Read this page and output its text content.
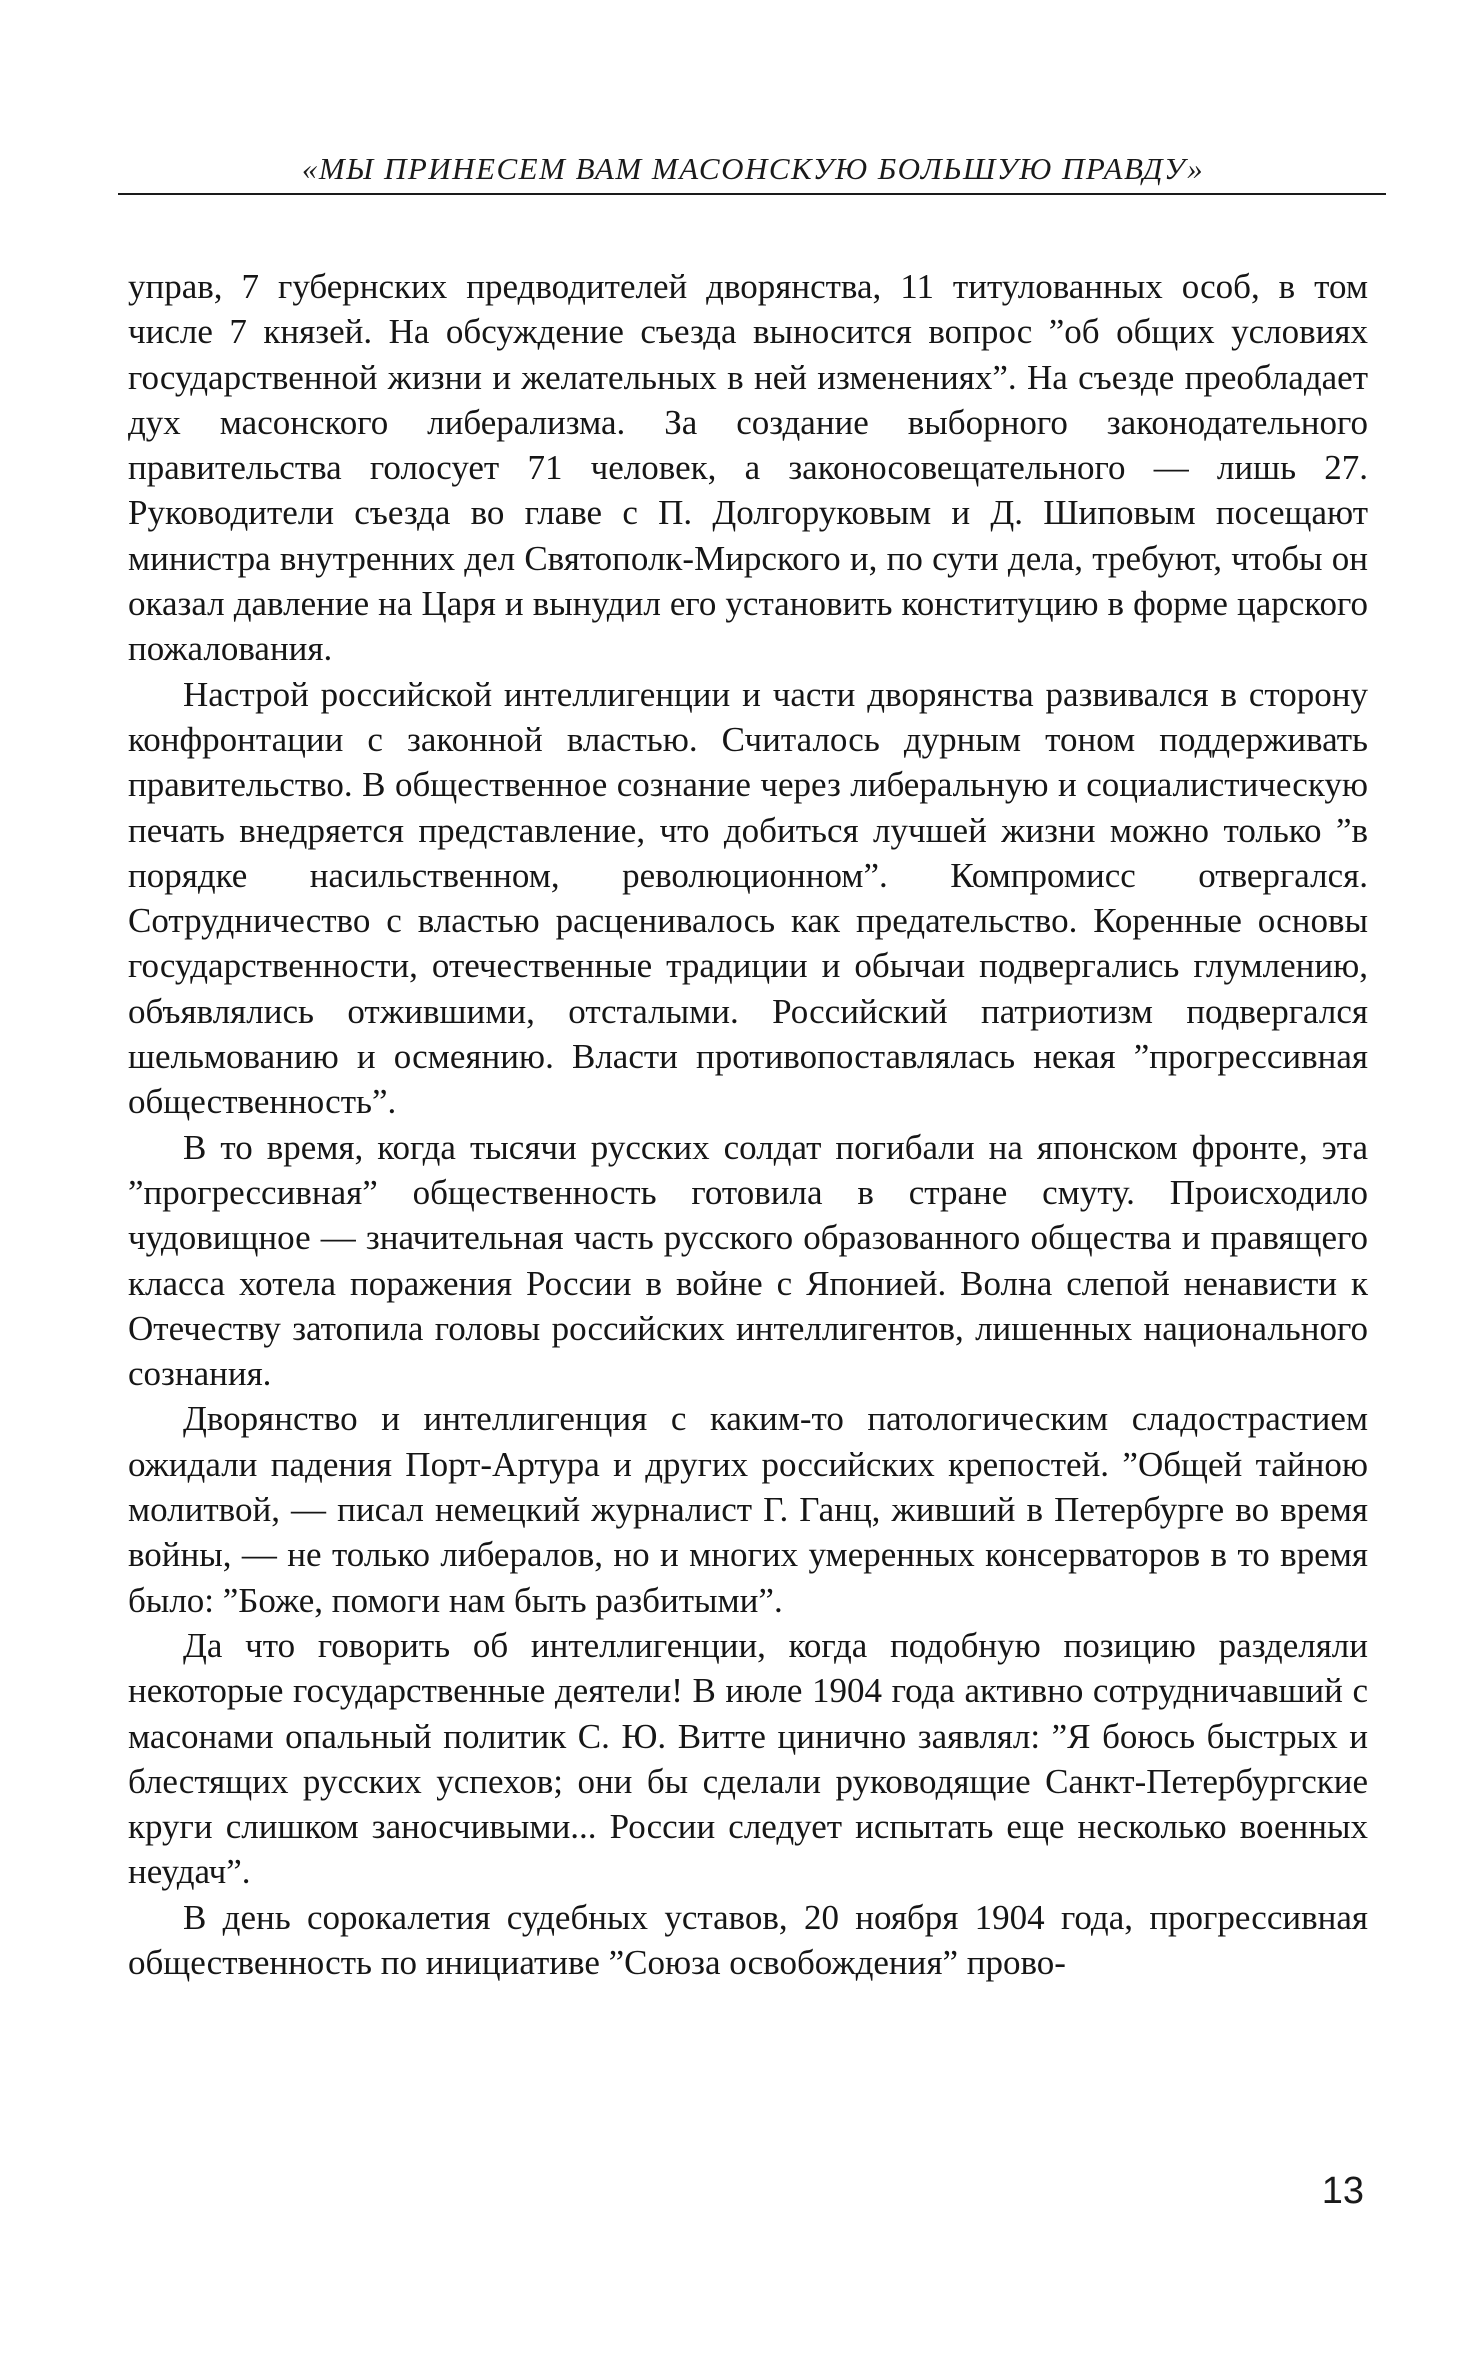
«МЫ ПРИНЕСЕМ ВАМ МАСОНСКУЮ БОЛЬШУЮ ПРАВДУ»

управ, 7 губернских предводителей дворянства, 11 титулованных особ, в том числе 7 князей. На обсуждение съезда выносится вопрос ”об общих условиях государственной жизни и желательных в ней изменениях”. На съезде преобладает дух масонского либерализма. За создание выборного законодательного правительства голосует 71 человек, а законосовещательного — лишь 27. Руководители съезда во главе с П. Долгоруковым и Д. Шиповым посещают министра внутренних дел Святополк-Мирского и, по сути дела, требуют, чтобы он оказал давление на Царя и вынудил его установить конституцию в форме царского пожалования.

Настрой российской интеллигенции и части дворянства развивался в сторону конфронтации с законной властью. Считалось дурным тоном поддерживать правительство. В общественное сознание через либеральную и социалистическую печать внедряется представление, что добиться лучшей жизни можно только ”в порядке насильственном, революционном”. Компромисс отвергался. Сотрудничество с властью расценивалось как предательство. Коренные основы государственности, отечественные традиции и обычаи подвергались глумлению, объявлялись отжившими, отсталыми. Российский патриотизм подвергался шельмованию и осмеянию. Власти противопоставлялась некая ”прогрессивная общественность”.

В то время, когда тысячи русских солдат погибали на японском фронте, эта ”прогрессивная” общественность готовила в стране смуту. Происходило чудовищное — значительная часть русского образованного общества и правящего класса хотела поражения России в войне с Японией. Волна слепой ненависти к Отечеству затопила головы российских интеллигентов, лишенных национального сознания.

Дворянство и интеллигенция с каким-то патологическим сладострастием ожидали падения Порт-Артура и других российских крепостей. ”Общей тайною молитвой, — писал немецкий журналист Г. Ганц, живший в Петербурге во время войны, — не только либералов, но и многих умеренных консерваторов в то время было: ”Боже, помоги нам быть разбитыми”.

Да что говорить об интеллигенции, когда подобную позицию разделяли некоторые государственные деятели! В июле 1904 года активно сотрудничавший с масонами опальный политик С. Ю. Витте цинично заявлял: ”Я боюсь быстрых и блестящих русских успехов; они бы сделали руководящие Санкт-Петербургские круги слишком заносчивыми... России следует испытать еще несколько военных неудач”.

В день сорокалетия судебных уставов, 20 ноября 1904 года, прогрессивная общественность по инициативе ”Союза освобождения” прово-

13
